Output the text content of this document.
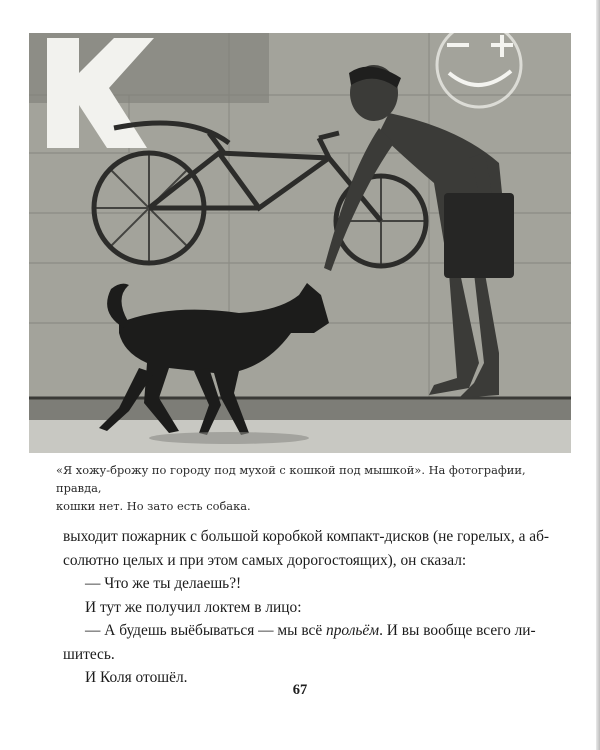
«Я хожу-брожу по городу под мухой с кошкой под мышкой». На фотографии, правда,
кошки нет. Но зато есть собака.

выходит пожарник с большой коробкой компакт-дисков (не горелых, а аб-

солютно целых и при этом самых дорогостоящих), он сказал:

— Что же ты делаешь?!

И тут же получил локтем в лицо:

— А будешь выёбываться — мы всё прольём. И вы вообще всего ли-

шитесь.

И Коля отошёл.

67
